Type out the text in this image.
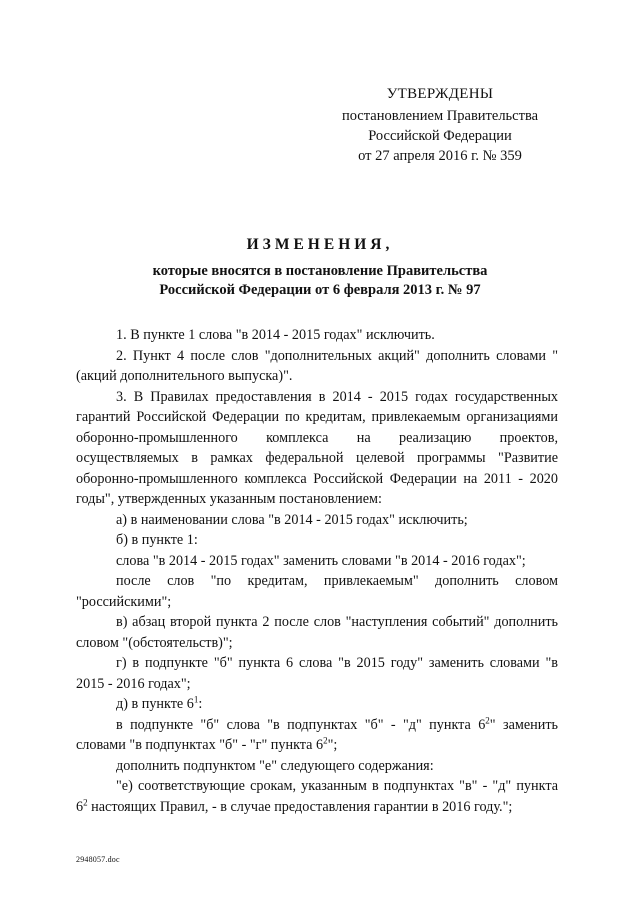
УТВЕРЖДЕНЫ
постановлением Правительства
Российской Федерации
от 27 апреля 2016 г. № 359
ИЗМЕНЕНИЯ,
которые вносятся в постановление Правительства
Российской Федерации от 6 февраля 2013 г. № 97

1. В пункте 1 слова "в 2014 - 2015 годах" исключить.

2. Пункт 4 после слов "дополнительных акций" дополнить словами "(акций дополнительного выпуска)".

3. В Правилах предоставления в 2014 - 2015 годах государственных гарантий Российской Федерации по кредитам, привлекаемым организациями оборонно-промышленного комплекса на реализацию проектов, осуществляемых в рамках федеральной целевой программы "Развитие оборонно-промышленного комплекса Российской Федерации на 2011 - 2020 годы", утвержденных указанным постановлением:

а) в наименовании слова "в 2014 - 2015 годах" исключить;

б) в пункте 1:

слова "в 2014 - 2015 годах" заменить словами "в 2014 - 2016 годах";

после слов "по кредитам, привлекаемым" дополнить словом "российскими";

в) абзац второй пункта 2 после слов "наступления событий" дополнить словом "(обстоятельств)";

г) в подпункте "б" пункта 6 слова "в 2015 году" заменить словами "в 2015 - 2016 годах";

д) в пункте $6^1$:

в подпункте "б" слова "в подпунктах "б" - "д" пункта $6^2$" заменить словами "в подпунктах "б" - "г" пункта $6^2$";

дополнить подпунктом "е" следующего содержания:

"е) соответствующие срокам, указанным в подпунктах "в" - "д" пункта $6^2$ настоящих Правил, - в случае предоставления гарантии в 2016 году.";

2948057.doc
